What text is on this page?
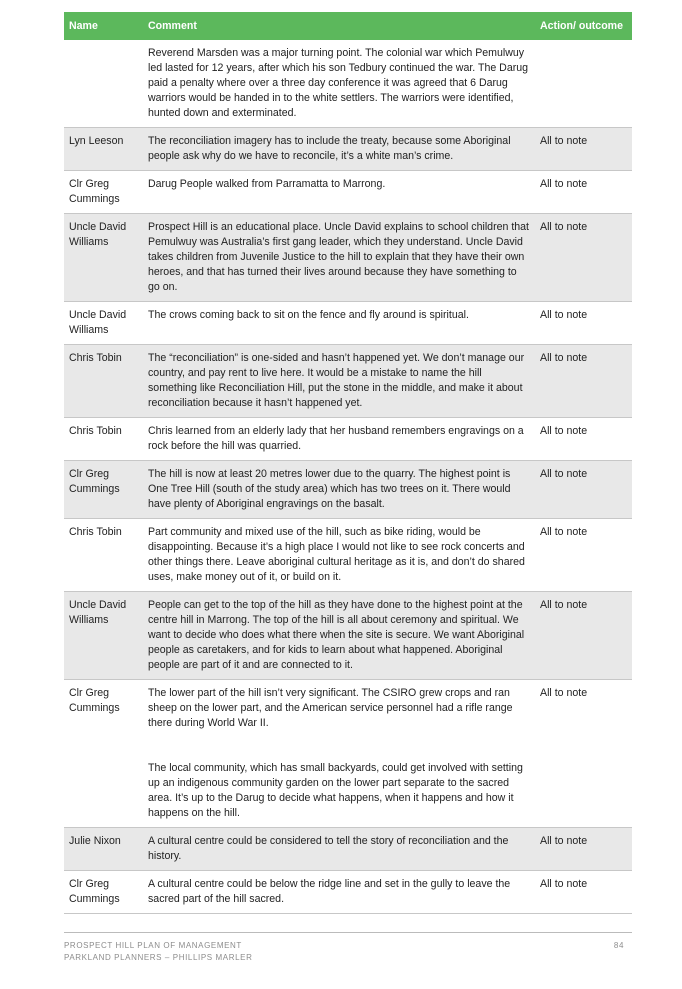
Name	Comment	Action/ outcome
	Reverend Marsden was a major turning point. The colonial war which Pemulwuy led lasted for 12 years, after which his son Tedbury continued the war. The Darug paid a penalty where over a three day conference it was agreed that 6 Darug warriors would be handed in to the white settlers. The warriors were identified, hunted down and exterminated.	
Lyn Leeson	The reconciliation imagery has to include the treaty, because some Aboriginal people ask why do we have to reconcile, it’s a white man’s crime.	All to note
Clr Greg Cummings	Darug People walked from Parramatta to Marrong.	All to note
Uncle David Williams	Prospect Hill is an educational place. Uncle David explains to school children that Pemulwuy was Australia’s first gang leader, which they understand. Uncle David takes children from Juvenile Justice to the hill to explain that they have their own heroes, and that has turned their lives around because they have something to go on.	All to note
Uncle David Williams	The crows coming back to sit on the fence and fly around is spiritual.	All to note
Chris Tobin	The “reconciliation” is one-sided and hasn’t happened yet. We don’t manage our country, and pay rent to live here. It would be a mistake to name the hill something like Reconciliation Hill, put the stone in the middle, and make it about reconciliation because it hasn’t happened yet.	All to note
Chris Tobin	Chris learned from an elderly lady that her husband remembers engravings on a rock before the hill was quarried.	All to note
Clr Greg Cummings	The hill is now at least 20 metres lower due to the quarry. The highest point is One Tree Hill (south of the study area) which has two trees on it. There would have plenty of Aboriginal engravings on the basalt.	All to note
Chris Tobin	Part community and mixed use of the hill, such as bike riding, would be disappointing. Because it’s a high place I would not like to see rock concerts and other things there. Leave aboriginal cultural heritage as it is, and don’t do shared uses, make money out of it, or build on it.	All to note
Uncle David Williams	People can get to the top of the hill as they have done to the highest point at the centre hill in Marrong. The top of the hill is all about ceremony and spiritual. We want to decide who does what there when the site is secure. We want Aboriginal people as caretakers, and for kids to learn about what happened. Aboriginal people are part of it and are connected to it.	All to note
Clr Greg Cummings	The lower part of the hill isn’t very significant. The CSIRO grew crops and ran sheep on the lower part, and the American service personnel had a rifle range there during World War II.
The local community, which has small backyards, could get involved with setting up an indigenous community garden on the lower part separate to the sacred area. It’s up to the Darug to decide what happens, when it happens and how it happens on the hill.	All to note
Julie Nixon	A cultural centre could be considered to tell the story of reconciliation and the history.	All to note
Clr Greg Cummings	A cultural centre could be below the ridge line and set in the gully to leave the sacred part of the hill sacred.	All to note
PROSPECT HILL PLAN OF MANAGEMENT
PARKLAND PLANNERS – PHILLIPS MARLER
84
